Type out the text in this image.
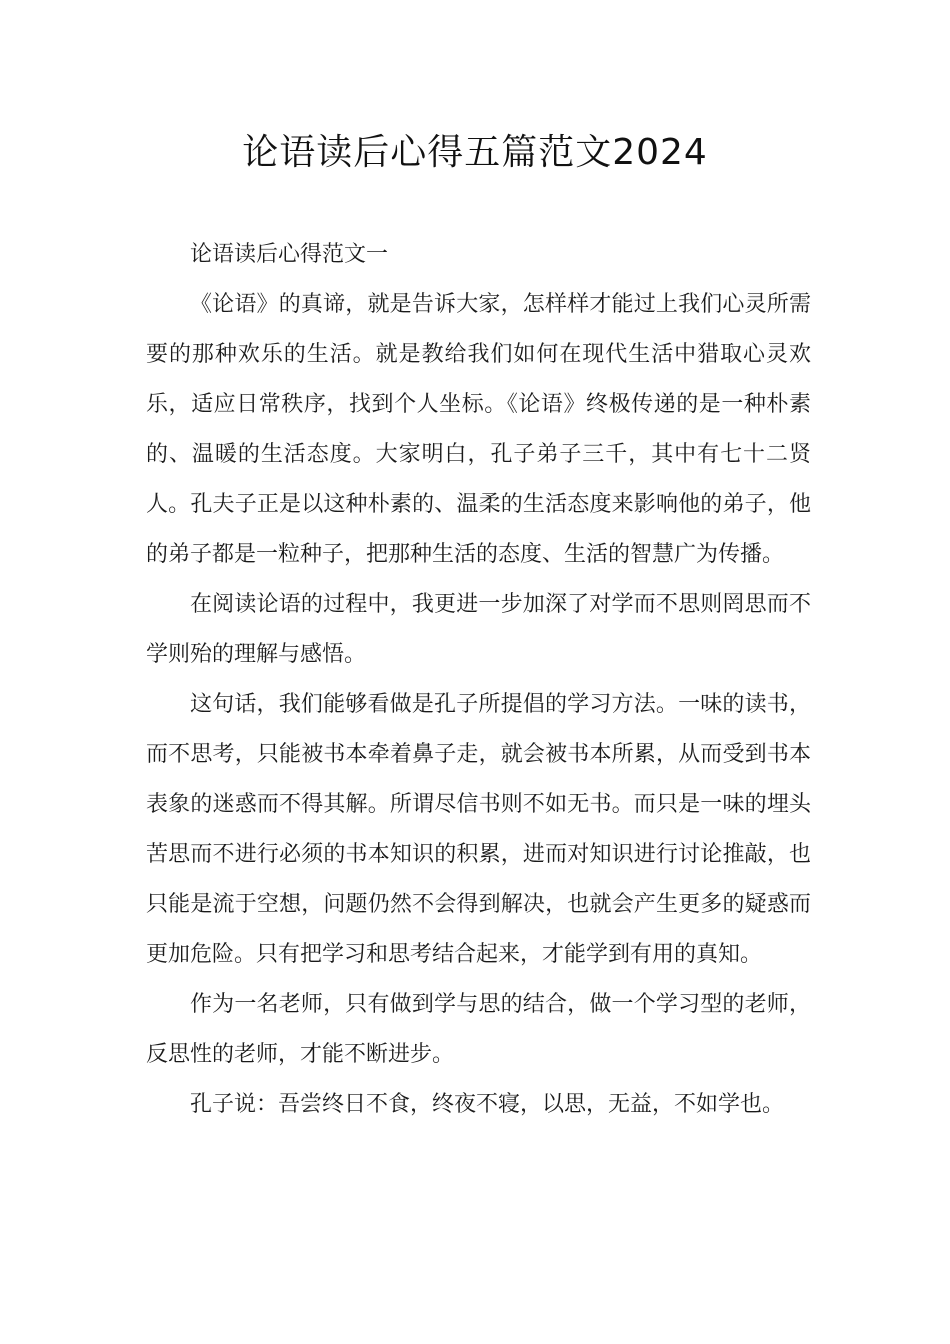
论语读后心得五篇范文2024

论语读后心得范文一

《论语》的真谛，就是告诉大家，怎样样才能过上我们心灵所需要的那种欢乐的生活。就是教给我们如何在现代生活中猎取心灵欢乐，适应日常秩序，找到个人坐标。《论语》终极传递的是一种朴素的、温暖的生活态度。大家明白，孔子弟子三千，其中有七十二贤人。孔夫子正是以这种朴素的、温柔的生活态度来影响他的弟子，他的弟子都是一粒种子，把那种生活的态度、生活的智慧广为传播。

在阅读论语的过程中，我更进一步加深了对学而不思则罔思而不学则殆的理解与感悟。

这句话，我们能够看做是孔子所提倡的学习方法。一味的读书，而不思考，只能被书本牵着鼻子走，就会被书本所累，从而受到书本表象的迷惑而不得其解。所谓尽信书则不如无书。而只是一味的埋头苦思而不进行必须的书本知识的积累，进而对知识进行讨论推敲，也只能是流于空想，问题仍然不会得到解决，也就会产生更多的疑惑而更加危险。只有把学习和思考结合起来，才能学到有用的真知。

作为一名老师，只有做到学与思的结合，做一个学习型的老师，反思性的老师，才能不断进步。

孔子说：吾尝终日不食，终夜不寝，以思，无益，不如学也。
